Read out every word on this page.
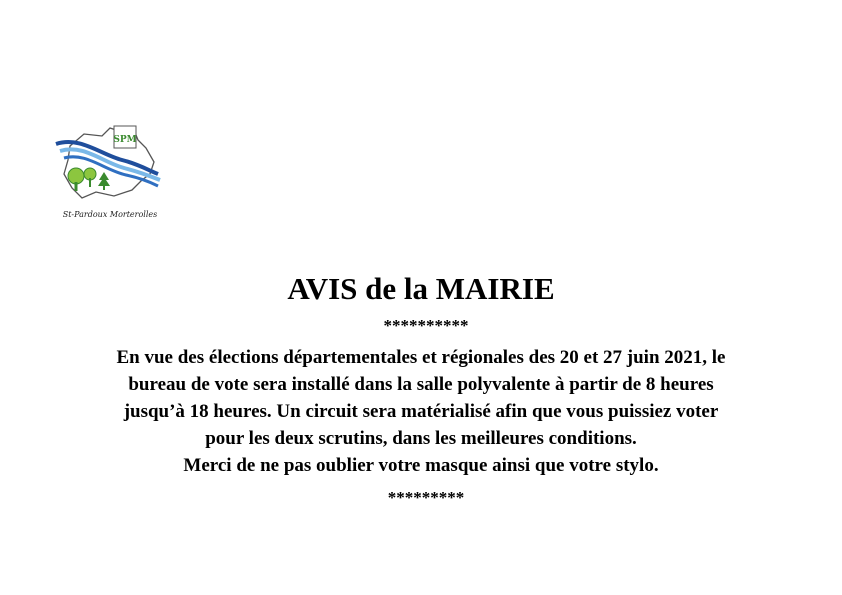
SPM
St-Pardoux Morterolles
AVIS de la MAIRIE
**********
En vue des élections départementales et régionales des 20 et 27 juin 2021, le
bureau de vote sera installé dans la salle polyvalente à partir de 8 heures
jusqu’à 18 heures. Un circuit sera matérialisé afin que vous puissiez voter
pour les deux scrutins, dans les meilleures conditions.
Merci de ne pas oublier votre masque ainsi que votre stylo.
*********
